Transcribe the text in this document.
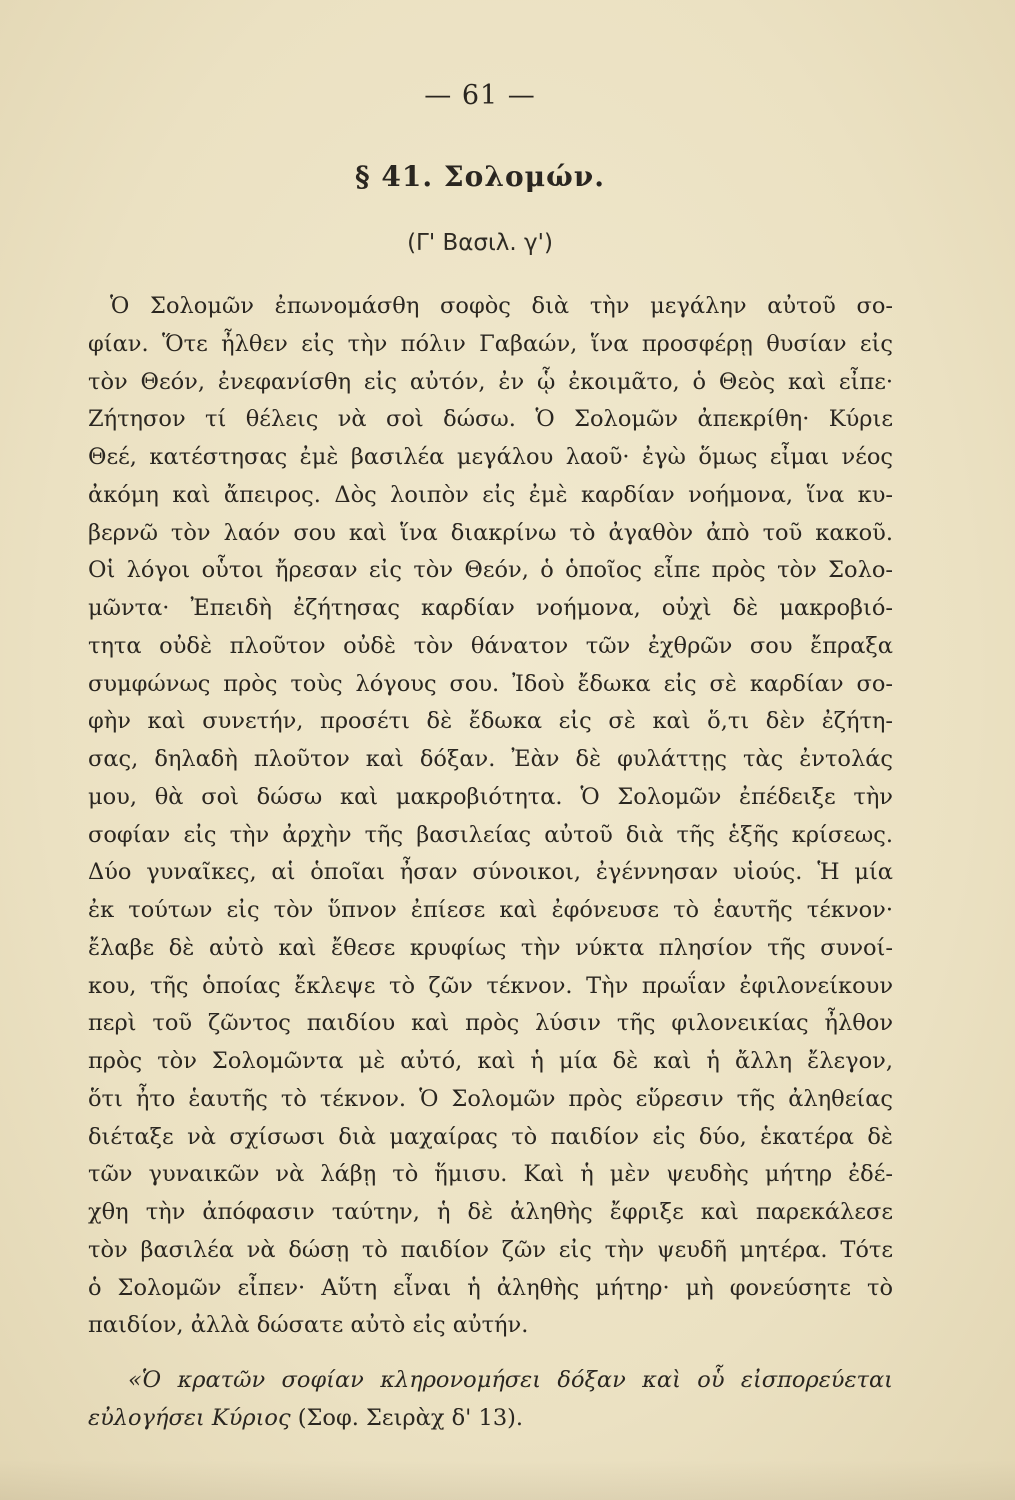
— 61 —
§ 41. Σολομών.
(Γ' Βασιλ. γ')
Ὁ Σολομῶν ἐπωνομάσθη σοφὸς διὰ τὴν μεγάλην αὐτοῦ σο-
φίαν. Ὅτε ἦλθεν εἰς τὴν πόλιν Γαβαών, ἵνα προσφέρῃ θυσίαν εἰς
τὸν Θεόν, ἐνεφανίσθη εἰς αὐτόν, ἐν ᾧ ἐκοιμᾶτο, ὁ Θεὸς καὶ εἶπε·
Ζήτησον τί θέλεις νὰ σοὶ δώσω. Ὁ Σολομῶν ἀπεκρίθη· Κύριε
Θεέ, κατέστησας ἐμὲ βασιλέα μεγάλου λαοῦ· ἐγὼ ὅμως εἶμαι νέος
ἀκόμη καὶ ἄπειρος. Δὸς λοιπὸν εἰς ἐμὲ καρδίαν νοήμονα, ἵνα κυ-
βερνῶ τὸν λαόν σου καὶ ἵνα διακρίνω τὸ ἀγαθὸν ἀπὸ τοῦ κακοῦ.
Οἱ λόγοι οὗτοι ἤρεσαν εἰς τὸν Θεόν, ὁ ὁποῖος εἶπε πρὸς τὸν Σολο-
μῶντα· Ἐπειδὴ ἐζήτησας καρδίαν νοήμονα, οὐχὶ δὲ μακροβιό-
τητα οὐδὲ πλοῦτον οὐδὲ τὸν θάνατον τῶν ἐχθρῶν σου ἔπραξα
συμφώνως πρὸς τοὺς λόγους σου. Ἰδοὺ ἔδωκα εἰς σὲ καρδίαν σο-
φὴν καὶ συνετήν, προσέτι δὲ ἔδωκα εἰς σὲ καὶ ὅ,τι δὲν ἐζήτη-
σας, δηλαδὴ πλοῦτον καὶ δόξαν. Ἐὰν δὲ φυλάττῃς τὰς ἐντολάς
μου, θὰ σοὶ δώσω καὶ μακροβιότητα. Ὁ Σολομῶν ἐπέδειξε τὴν
σοφίαν εἰς τὴν ἀρχὴν τῆς βασιλείας αὐτοῦ διὰ τῆς ἑξῆς κρίσεως.
Δύο γυναῖκες, αἱ ὁποῖαι ἦσαν σύνοικοι, ἐγέννησαν υἱούς. Ἡ μία
ἐκ τούτων εἰς τὸν ὕπνον ἐπίεσε καὶ ἐφόνευσε τὸ ἑαυτῆς τέκνον·
ἔλαβε δὲ αὐτὸ καὶ ἔθεσε κρυφίως τὴν νύκτα πλησίον τῆς συνοί-
κου, τῆς ὁποίας ἔκλεψε τὸ ζῶν τέκνον. Τὴν πρωΐαν ἐφιλονείκουν
περὶ τοῦ ζῶντος παιδίου καὶ πρὸς λύσιν τῆς φιλονεικίας ἦλθον
πρὸς τὸν Σολομῶντα μὲ αὐτό, καὶ ἡ μία δὲ καὶ ἡ ἄλλη ἔλεγον,
ὅτι ἦτο ἑαυτῆς τὸ τέκνον. Ὁ Σολομῶν πρὸς εὕρεσιν τῆς ἀληθείας
διέταξε νὰ σχίσωσι διὰ μαχαίρας τὸ παιδίον εἰς δύο, ἑκατέρα δὲ
τῶν γυναικῶν νὰ λάβῃ τὸ ἥμισυ. Καὶ ἡ μὲν ψευδὴς μήτηρ ἐδέ-
χθη τὴν ἀπόφασιν ταύτην, ἡ δὲ ἀληθὴς ἔφριξε καὶ παρεκάλεσε
τὸν βασιλέα νὰ δώσῃ τὸ παιδίον ζῶν εἰς τὴν ψευδῆ μητέρα. Τότε
ὁ Σολομῶν εἶπεν· Αὕτη εἶναι ἡ ἀληθὴς μήτηρ· μὴ φονεύσητε τὸ
παιδίον, ἀλλὰ δώσατε αὐτὸ εἰς αὐτήν.
«Ὁ κρατῶν σοφίαν κληρονομήσει δόξαν καὶ οὗ εἰσπορεύεται
εὐλογήσει Κύριος (Σοφ. Σειρὰχ δ' 13).
